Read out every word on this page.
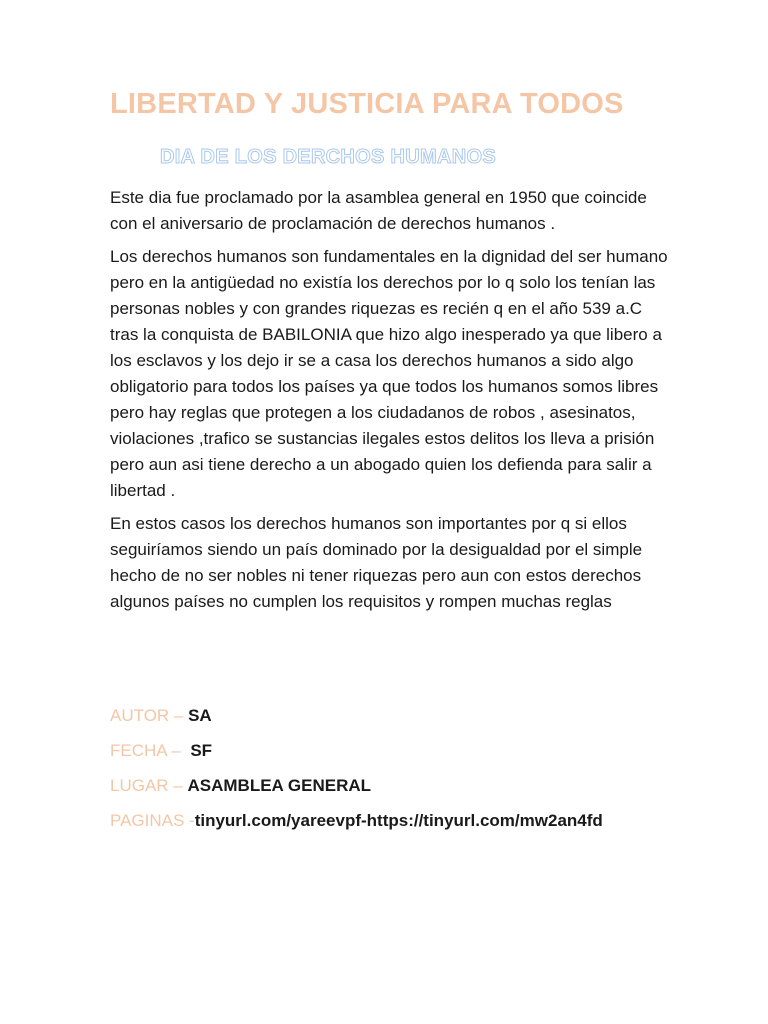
LIBERTAD Y JUSTICIA PARA TODOS
DIA DE LOS DERCHOS HUMANOS

Este dia fue proclamado por la asamblea general en 1950 que coincide con el aniversario de proclamación de derechos humanos .

Los derechos humanos son fundamentales en la dignidad del ser humano pero en la antigüedad no existía los derechos por lo q solo los tenían las personas nobles y con grandes riquezas es recién q en el año 539 a.C tras la conquista de BABILONIA que hizo algo inesperado ya que libero a los esclavos y los dejo ir se a casa los derechos humanos a sido algo obligatorio para todos los países ya que todos los humanos somos libres pero hay reglas que protegen a los ciudadanos de robos , asesinatos, violaciones ,trafico se sustancias ilegales estos delitos los lleva a prisión pero aun asi tiene derecho a un abogado quien los defienda para salir a libertad .

En estos casos los derechos humanos son importantes por q si ellos seguiríamos siendo un país dominado por la desigualdad por el simple hecho de no ser nobles ni tener riquezas pero aun con estos derechos algunos países no cumplen los requisitos y rompen muchas reglas

AUTOR – SA
FECHA –  SF
LUGAR – ASAMBLEA GENERAL
PAGINAS -tinyurl.com/yareevpf-https://tinyurl.com/mw2an4fd
